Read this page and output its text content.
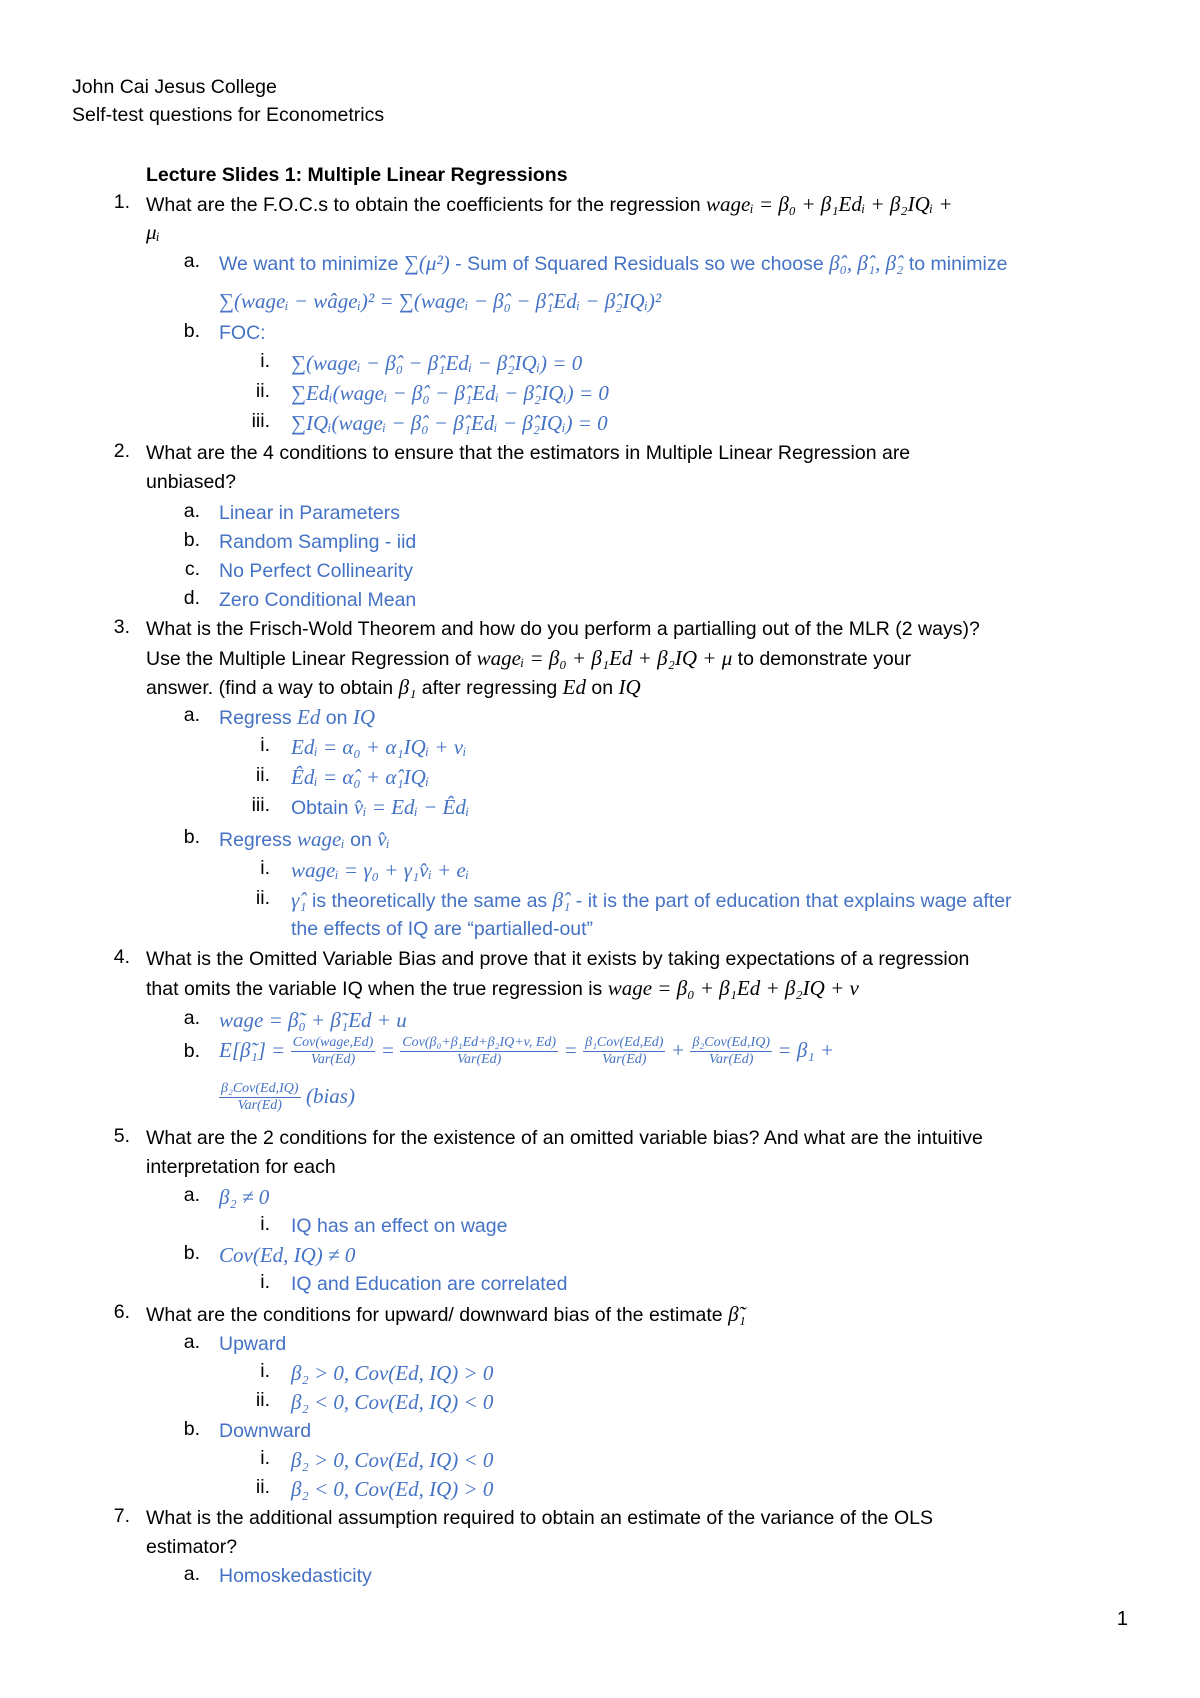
John Cai Jesus College
Self-test questions for Econometrics
Lecture Slides 1: Multiple Linear Regressions
1. What are the F.O.C.s to obtain the coefficients for the regression wageᵢ = β₀ + β₁Edᵢ + β₂IQᵢ +
μᵢ
a. We want to minimize ∑(μ²) - Sum of Squared Residuals so we choose β̂₀, β̂₁, β̂₂ to minimize
∑(wageᵢ − wâgeᵢ)² = ∑(wageᵢ − β̂₀ − β̂₁Edᵢ − β̂₂IQᵢ)²
b. FOC:
i. ∑(wageᵢ − β̂₀ − β̂₁Edᵢ − β̂₂IQᵢ) = 0
ii. ∑Edᵢ(wageᵢ − β̂₀ − β̂₁Edᵢ − β̂₂IQᵢ) = 0
iii. ∑IQᵢ(wageᵢ − β̂₀ − β̂₁Edᵢ − β̂₂IQᵢ) = 0
2. What are the 4 conditions to ensure that the estimators in Multiple Linear Regression are
unbiased?
a. Linear in Parameters
b. Random Sampling - iid
c. No Perfect Collinearity
d. Zero Conditional Mean
3. What is the Frisch-Wold Theorem and how do you perform a partialling out of the MLR (2 ways)?
Use the Multiple Linear Regression of wageᵢ = β₀ + β₁Ed + β₂IQ + μ to demonstrate your
answer. (find a way to obtain β₁ after regressing Ed on IQ
a. Regress Ed on IQ
i. Edᵢ = α₀ + α₁IQᵢ + vᵢ
ii. Êdᵢ = α̂₀ + α̂₁IQᵢ
iii. Obtain v̂ᵢ = Edᵢ − Êdᵢ
b. Regress wageᵢ on v̂ᵢ
i. wageᵢ = γ₀ + γ₁v̂ᵢ + eᵢ
ii. γ̂₁ is theoretically the same as β̂₁ - it is the part of education that explains wage after
the effects of IQ are “partialled-out”
4. What is the Omitted Variable Bias and prove that it exists by taking expectations of a regression
that omits the variable IQ when the true regression is wage = β₀ + β₁Ed + β₂IQ + v
a. wage = β̃₀ + β̃₁Ed + u
b. E[β̃₁] = $\frac{\text{Cov(wage,Ed)}}{\text{Var(Ed)}} = \frac{\text{Cov(β₀+β₁Ed+β₂IQ+v, Ed)}}{\text{Var(Ed)}} = \frac{\text{β₁Cov(Ed,Ed)}}{\text{Var(Ed)}} + \frac{\text{β₂Cov(Ed,IQ)}}{\text{Var(Ed)}} = \beta_1$ +
$\frac{\text{β₂Cov(Ed,IQ)}}{\text{Var(Ed)}}$ (bias)
5. What are the 2 conditions for the existence of an omitted variable bias? And what are the intuitive
interpretation for each
a. β₂ ≠ 0
i. IQ has an effect on wage
b. Cov(Ed, IQ) ≠ 0
i. IQ and Education are correlated
6. What are the conditions for upward/ downward bias of the estimate β̃₁
a. Upward
i. β₂ > 0, Cov(Ed, IQ) > 0
ii. β₂ < 0, Cov(Ed, IQ) < 0
b. Downward
i. β₂ > 0, Cov(Ed, IQ) < 0
ii. β₂ < 0, Cov(Ed, IQ) > 0
7. What is the additional assumption required to obtain an estimate of the variance of the OLS
estimator?
a. Homoskedasticity
1
